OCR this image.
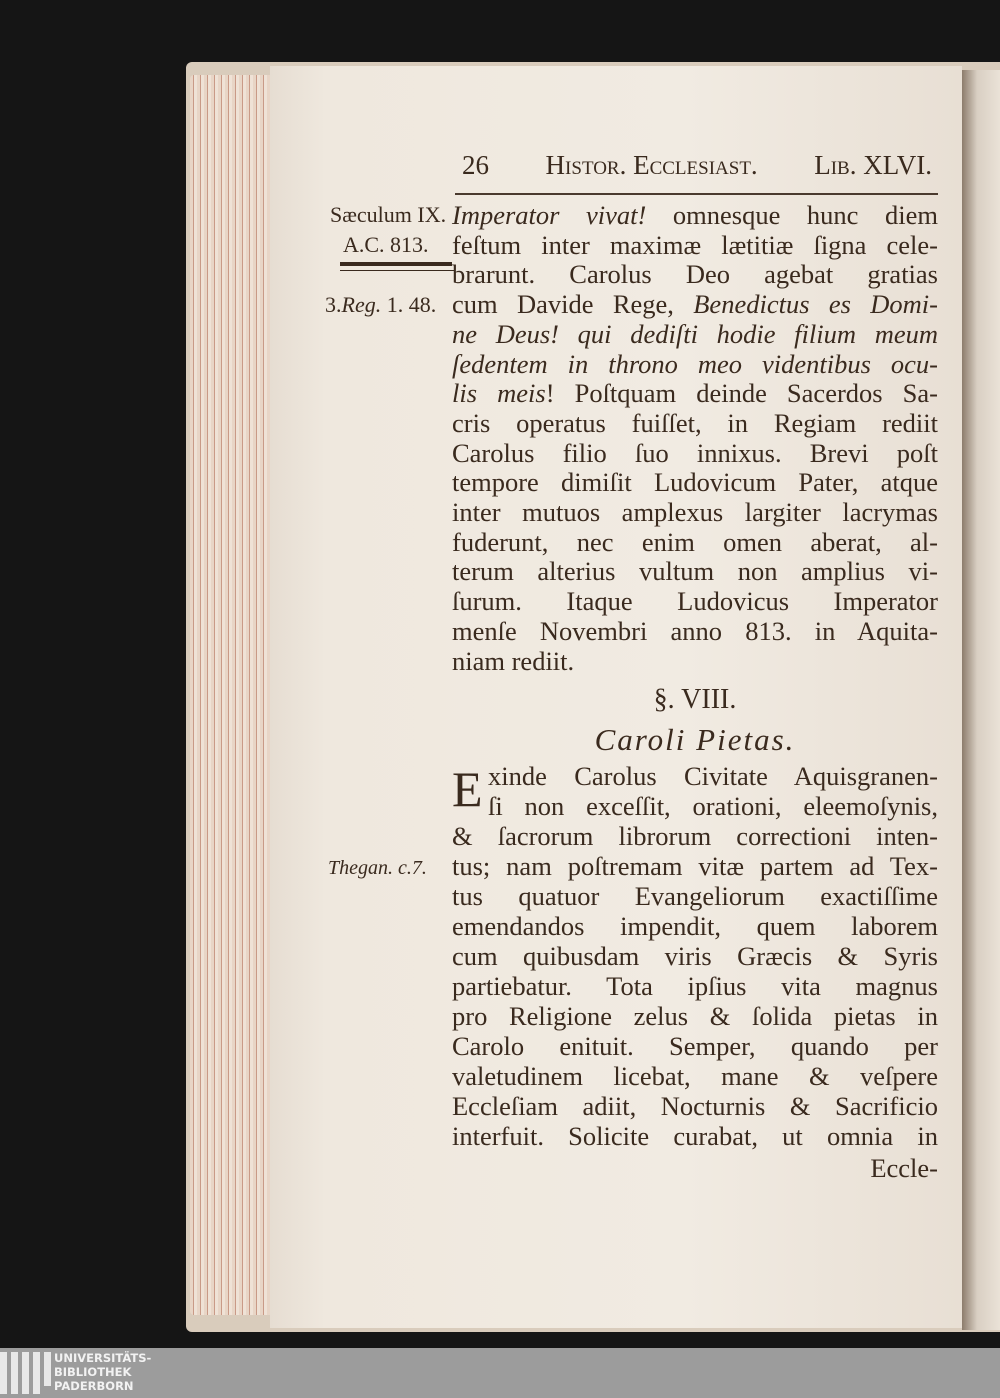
26 Histor. Ecclesiast. Lib. XLVI.
Sæculum IX.
A.C. 813.
3.Reg. 1. 48.
Thegan. c.7.
Imperator vivat! omnesque hunc diem
feſtum inter maximæ lætitiæ ſigna cele-
brarunt. Carolus Deo agebat gratias
cum Davide Rege, Benedictus es Domi-
ne Deus! qui dediſti hodie filium meum
ſedentem in throno meo videntibus ocu-
lis meis! Poſtquam deinde Sacerdos Sa-
cris operatus fuiſſet, in Regiam rediit
Carolus filio ſuo innixus. Brevi poſt
tempore dimiſit Ludovicum Pater, atque
inter mutuos amplexus largiter lacrymas
fuderunt, nec enim omen aberat, al-
terum alterius vultum non amplius vi-
ſurum. Itaque Ludovicus Imperator
menſe Novembri anno 813. in Aquita-
niam rediit.
§. VIII.
Caroli Pietas.
E xinde Carolus Civitate Aquisgranen-
ſi non exceſſit, orationi, eleemoſynis,
& ſacrorum librorum correctioni inten-
tus; nam poſtremam vitæ partem ad Tex-
tus quatuor Evangeliorum exactiſſime
emendandos impendit, quem laborem
cum quibusdam viris Græcis & Syris
partiebatur. Tota ipſius vita magnus
pro Religione zelus & ſolida pietas in
Carolo enituit. Semper, quando per
valetudinem licebat, mane & veſpere
Eccleſiam adiit, Nocturnis & Sacrificio
interfuit. Solicite curabat, ut omnia in
Eccle-
UNIVERSITÄTS-
BIBLIOTHEK
PADERBORN
